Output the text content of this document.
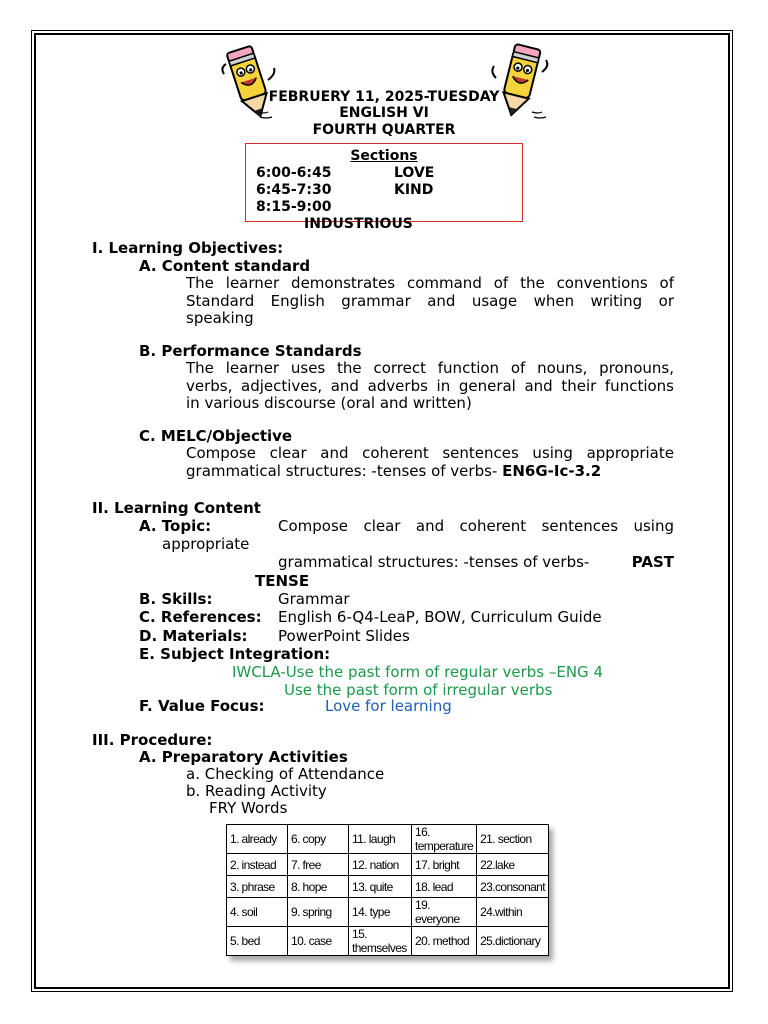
FEBRUERY 11, 2025-TUESDAY
ENGLISH VI
FOURTH QUARTER
Sections
6:00-6:45	LOVE
6:45-7:30	KIND
8:15-9:00
INDUSTRIOUS
I. Learning Objectives:
A. Content standard
The learner demonstrates command of the conventions of
Standard English grammar and usage when writing or
speaking
B. Performance Standards
The learner uses the correct function of nouns, pronouns,
verbs, adjectives, and adverbs in general and their functions
in various discourse (oral and written)
C. MELC/Objective
Compose clear and coherent sentences using appropriate
grammatical structures: -tenses of verbs- EN6G-Ic-3.2
II. Learning Content
A. Topic:	Compose clear and coherent sentences using
appropriate
grammatical structures: -tenses of verbs-	PAST
TENSE
B. Skills:	Grammar
C. References: English 6-Q4-LeaP, BOW, Curriculum Guide
D. Materials: PowerPoint Slides
E. Subject Integration:
IWCLA-Use the past form of regular verbs –ENG 4
Use the past form of irregular verbs
F. Value Focus:	Love for learning
III. Procedure:
A. Preparatory Activities
a. Checking of Attendance
b. Reading Activity
FRY Words
1. already	6. copy	11. laugh	16. temperature	21. section
2. instead	7. free	12. nation	17. bright	22.lake
3. phrase	8. hope	13. quite	18. lead	23.consonant
4. soil	9. spring	14. type	19. everyone	24.within
5. bed	10. case	15. themselves	20. method	25.dictionary
